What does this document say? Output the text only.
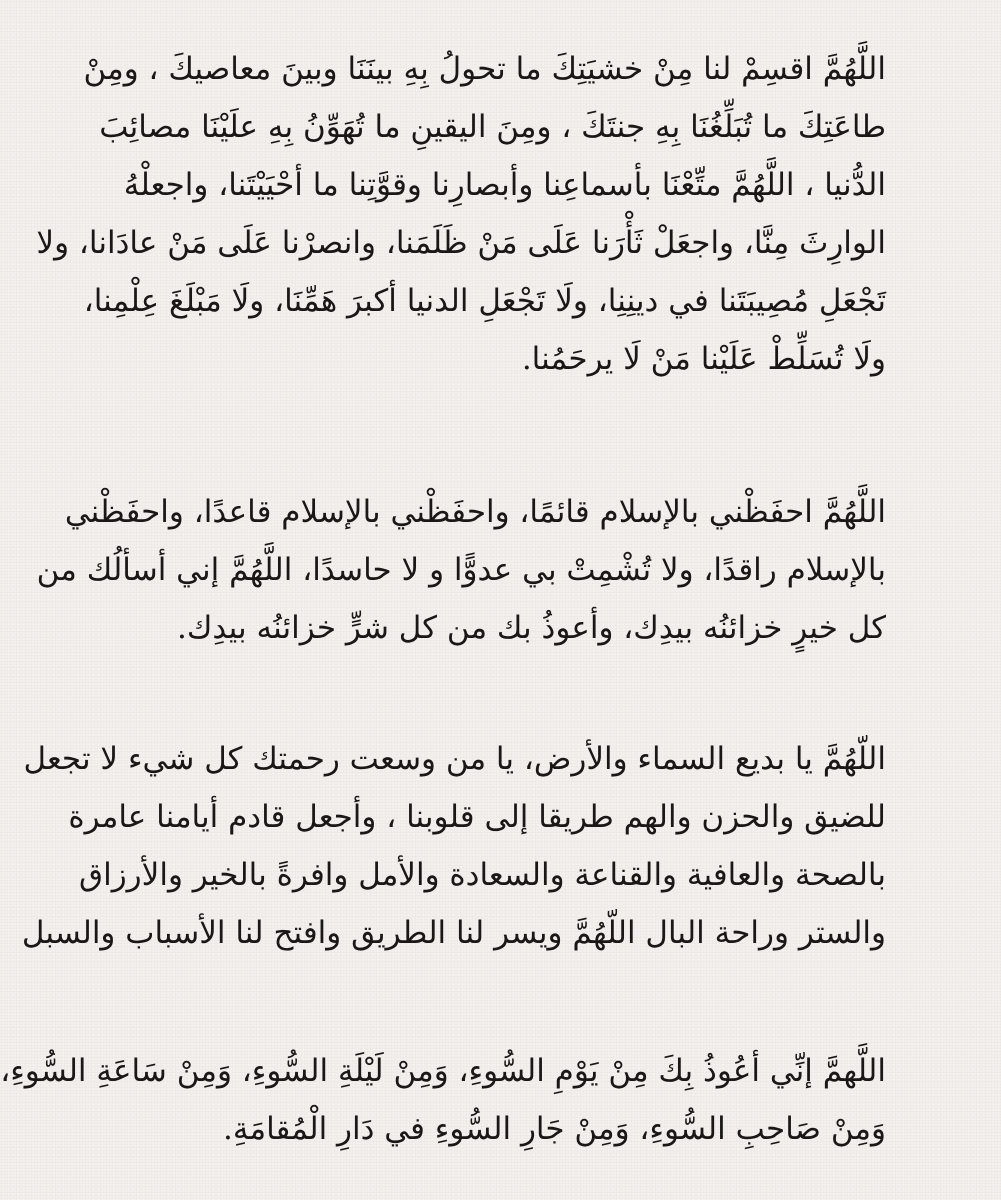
اللَّهُمَّ اقسِمْ لنا مِنْ خشيَتِكَ ما تحولُ بِهِ بينَنَا وبينَ معاصيكَ ، ومِنْ
طاعَتِكَ ما تُبَلِّغُنَا بِهِ جنتَكَ ، ومِنَ اليقينِ ما تُهَوِّنُ بِهِ علَيْنَا مصائِبَ
الدُّنيا ، اللَّهُمَّ متِّعْنَا بأسماعِنا وأبصارِنا وقوَّتِنا ما أحْيَيْتَنا، واجعلْهُ
الوارِثَ مِنَّا، واجعَلْ ثَأْرَنا عَلَى مَنْ ظَلَمَنا، وانصرْنا عَلَى مَنْ عادَانا، ولا
تَجْعَلِ مُصِيبَتَنا في دينِنِا، ولَا تَجْعَلِ الدنيا أكبرَ هَمِّنَا، ولَا مَبْلَغَ عِلْمِنا،
ولَا تُسَلِّطْ عَلَيْنا مَنْ لَا يرحَمُنا.

اللَّهُمَّ احفَظْني بالإسلام قائمًا، واحفَظْني بالإسلام قاعدًا، واحفَظْني
بالإسلام راقدًا، ولا تُشْمِتْ بي عدوًّا و لا حاسدًا، اللَّهُمَّ إني أسألُك من
كل خيرٍ خزائنُه بيدِك، وأعوذُ بك من كل شرٍّ خزائنُه بيدِك.

اللّهُمَّ يا بديع السماء والأرض، يا من وسعت رحمتك كل شيء لا تجعل
للضيق والحزن والهم طريقا إلى قلوبنا ، وأجعل قادم أيامنا عامرة
بالصحة والعافية والقناعة والسعادة والأمل وافرةً بالخير والأرزاق
والستر وراحة البال اللّهُمَّ ويسر لنا الطريق وافتح لنا الأسباب والسبل

اللَّهمَّ إنِّي أعُوذُ بِكَ مِنْ يَوْمِ السُّوءِ، وَمِنْ لَيْلَةِ السُّوءِ، وَمِنْ سَاعَةِ السُّوءِ،
وَمِنْ صَاحِبِ السُّوءِ، وَمِنْ جَارِ السُّوءِ في دَارِ الْمُقامَةِ.
